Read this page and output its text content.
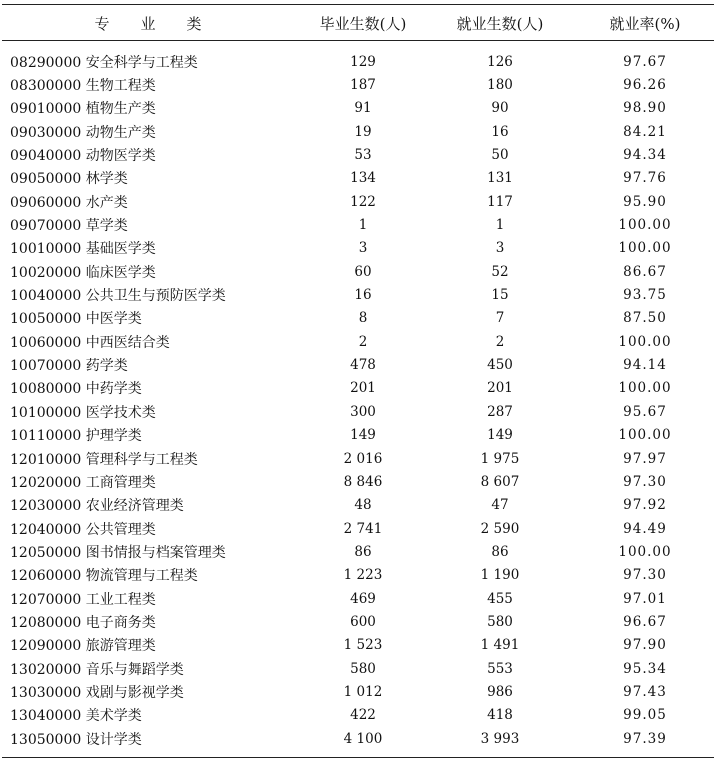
专　业　类	毕业生数(人)	就业生数(人)	就业率(%)
08290000 安全科学与工程类	129	126	97.67
08300000 生物工程类	187	180	96.26
09010000 植物生产类	91	90	98.90
09030000 动物生产类	19	16	84.21
09040000 动物医学类	53	50	94.34
09050000 林学类	134	131	97.76
09060000 水产类	122	117	95.90
09070000 草学类	1	1	100.00
10010000 基础医学类	3	3	100.00
10020000 临床医学类	60	52	86.67
10040000 公共卫生与预防医学类	16	15	93.75
10050000 中医学类	8	7	87.50
10060000 中西医结合类	2	2	100.00
10070000 药学类	478	450	94.14
10080000 中药学类	201	201	100.00
10100000 医学技术类	300	287	95.67
10110000 护理学类	149	149	100.00
12010000 管理科学与工程类	2 016	1 975	97.97
12020000 工商管理类	8 846	8 607	97.30
12030000 农业经济管理类	48	47	97.92
12040000 公共管理类	2 741	2 590	94.49
12050000 图书情报与档案管理类	86	86	100.00
12060000 物流管理与工程类	1 223	1 190	97.30
12070000 工业工程类	469	455	97.01
12080000 电子商务类	600	580	96.67
12090000 旅游管理类	1 523	1 491	97.90
13020000 音乐与舞蹈学类	580	553	95.34
13030000 戏剧与影视学类	1 012	986	97.43
13040000 美术学类	422	418	99.05
13050000 设计学类	4 100	3 993	97.39
